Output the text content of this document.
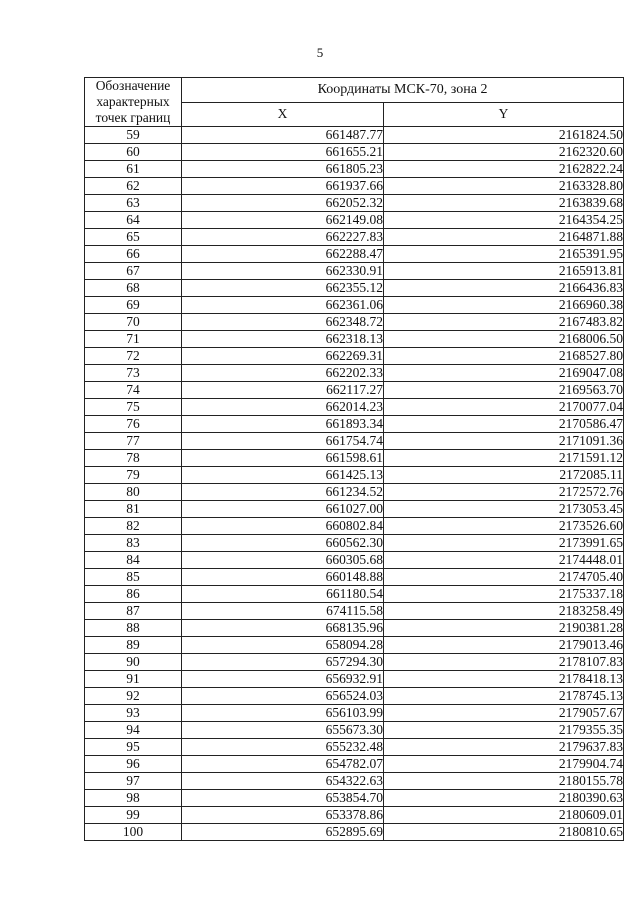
5
Обозначение
характерных
точек границ	Координаты МСК-70, зона 2	
	X	Y
59	661487.77	2161824.50
60	661655.21	2162320.60
61	661805.23	2162822.24
62	661937.66	2163328.80
63	662052.32	2163839.68
64	662149.08	2164354.25
65	662227.83	2164871.88
66	662288.47	2165391.95
67	662330.91	2165913.81
68	662355.12	2166436.83
69	662361.06	2166960.38
70	662348.72	2167483.82
71	662318.13	2168006.50
72	662269.31	2168527.80
73	662202.33	2169047.08
74	662117.27	2169563.70
75	662014.23	2170077.04
76	661893.34	2170586.47
77	661754.74	2171091.36
78	661598.61	2171591.12
79	661425.13	2172085.11
80	661234.52	2172572.76
81	661027.00	2173053.45
82	660802.84	2173526.60
83	660562.30	2173991.65
84	660305.68	2174448.01
85	660148.88	2174705.40
86	661180.54	2175337.18
87	674115.58	2183258.49
88	668135.96	2190381.28
89	658094.28	2179013.46
90	657294.30	2178107.83
91	656932.91	2178418.13
92	656524.03	2178745.13
93	656103.99	2179057.67
94	655673.30	2179355.35
95	655232.48	2179637.83
96	654782.07	2179904.74
97	654322.63	2180155.78
98	653854.70	2180390.63
99	653378.86	2180609.01
100	652895.69	2180810.65
